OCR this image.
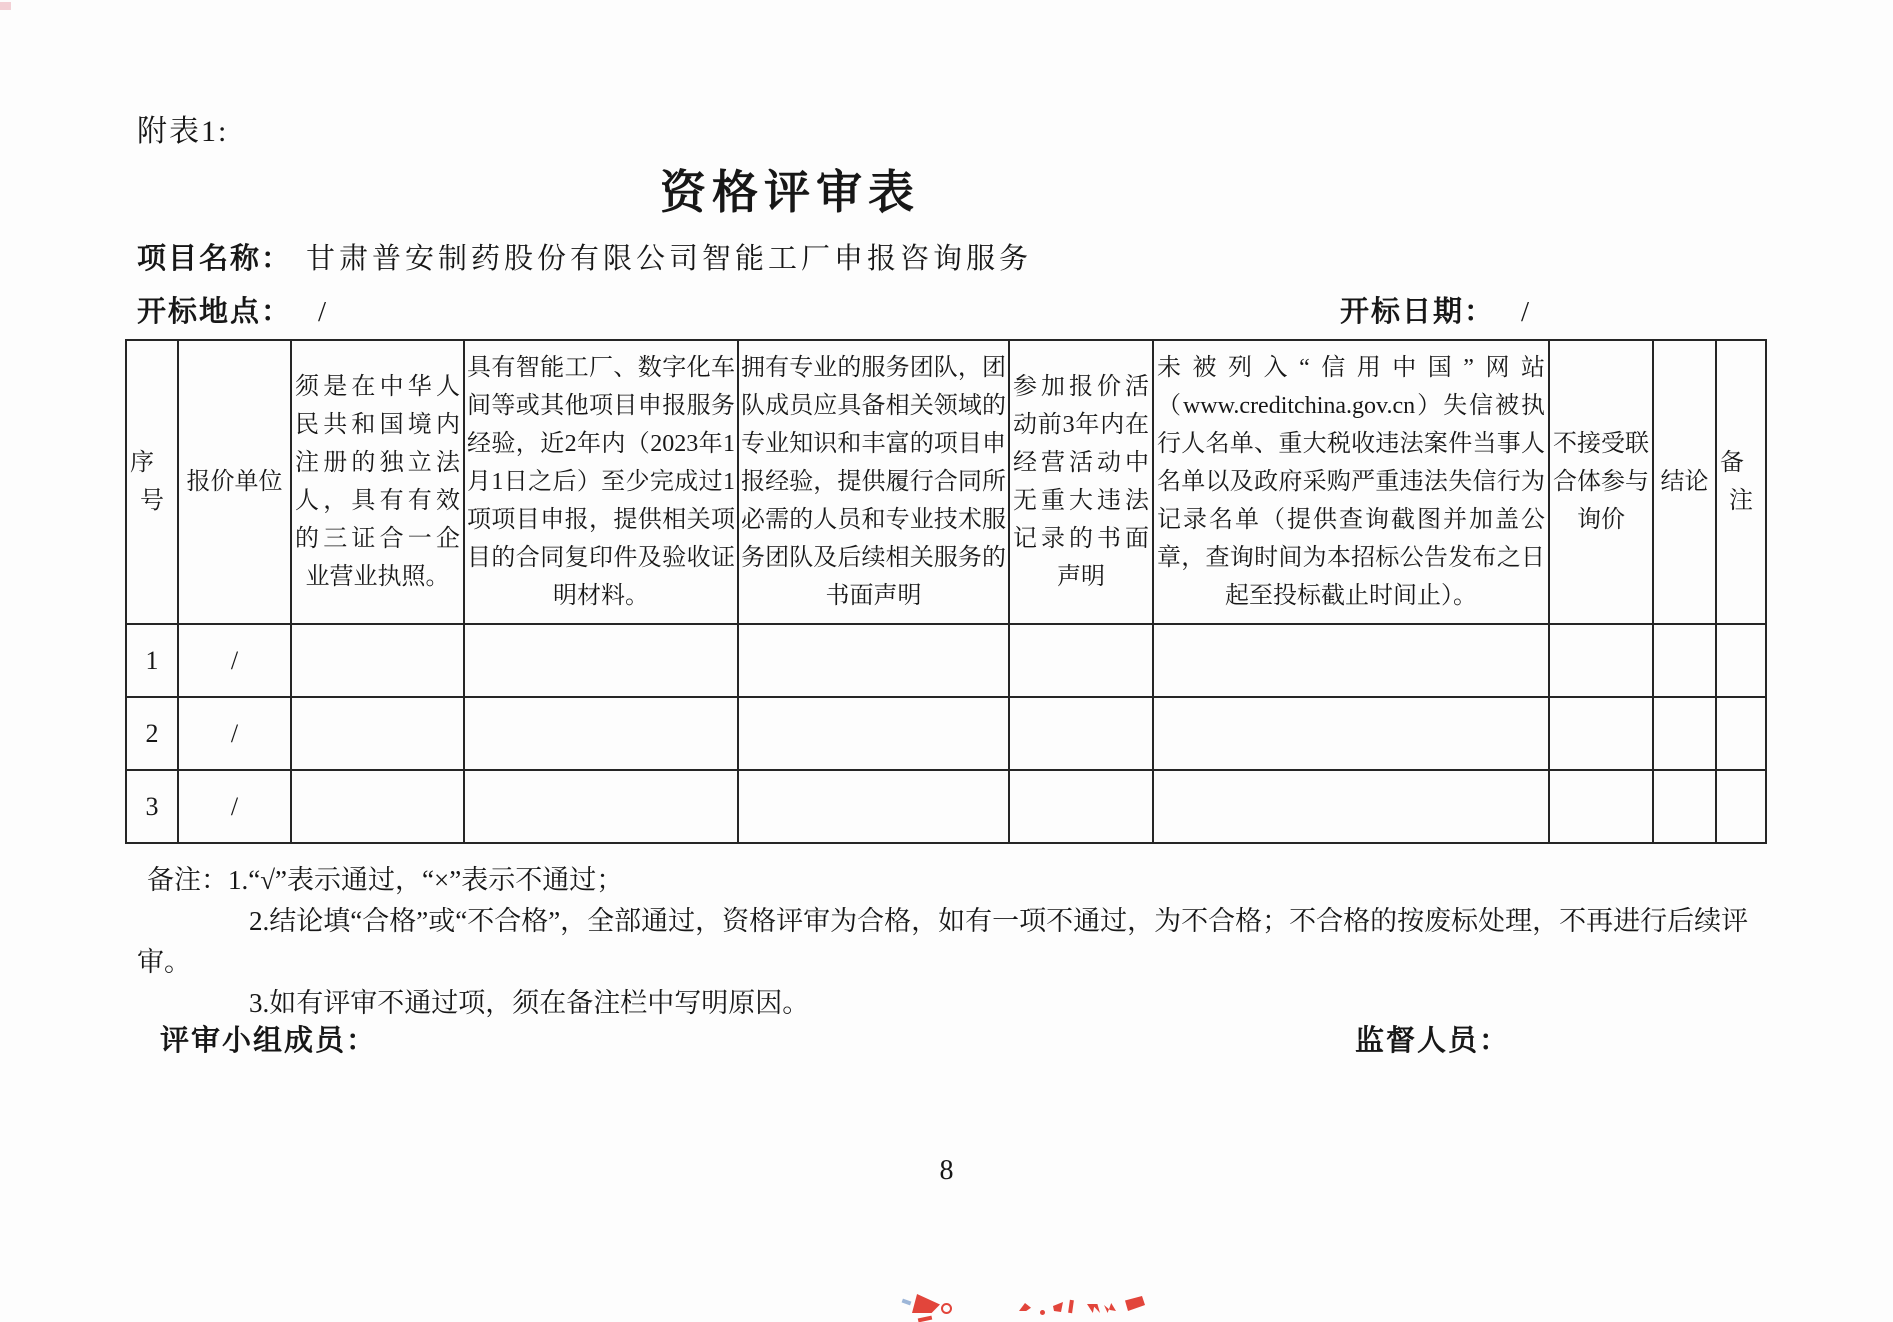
附表1:
资格评审表
项目名称： 甘肃普安制药股份有限公司智能工厂申报咨询服务
开标地点： /	开标日期： /
序号	报价单位	须是在中华人民共和国境内注册的独立法人，具有有效的三证合一企业营业执照。	具有智能工厂、数字化车间等或其他项目申报服务经验，近2年内（2023年1月1日之后）至少完成过1项项目申报，提供相关项目的合同复印件及验收证明材料。	拥有专业的服务团队，团队成员应具备相关领域的专业知识和丰富的项目申报经验，提供履行合同所必需的人员和专业技术服务团队及后续相关服务的书面声明	参加报价活动前3年内在经营活动中无重大违法记录的书面声明	未被列入“信用中国”网站（www.creditchina.gov.cn）失信被执行人名单、重大税收违法案件当事人名单以及政府采购严重违法失信行为记录名单（提供查询截图并加盖公章，查询时间为本招标公告发布之日起至投标截止时间止）。	不接受联合体参与询价	结论	备注
1	/								
2	/								
3	/								
备注：1.“√”表示通过，“×”表示不通过；
2.结论填“合格”或“不合格”，全部通过，资格评审为合格，如有一项不通过，为不合格；不合格的按废标处理，不再进行后续评审。
3.如有评审不通过项，须在备注栏中写明原因。
评审小组成员：	监督人员：
8
